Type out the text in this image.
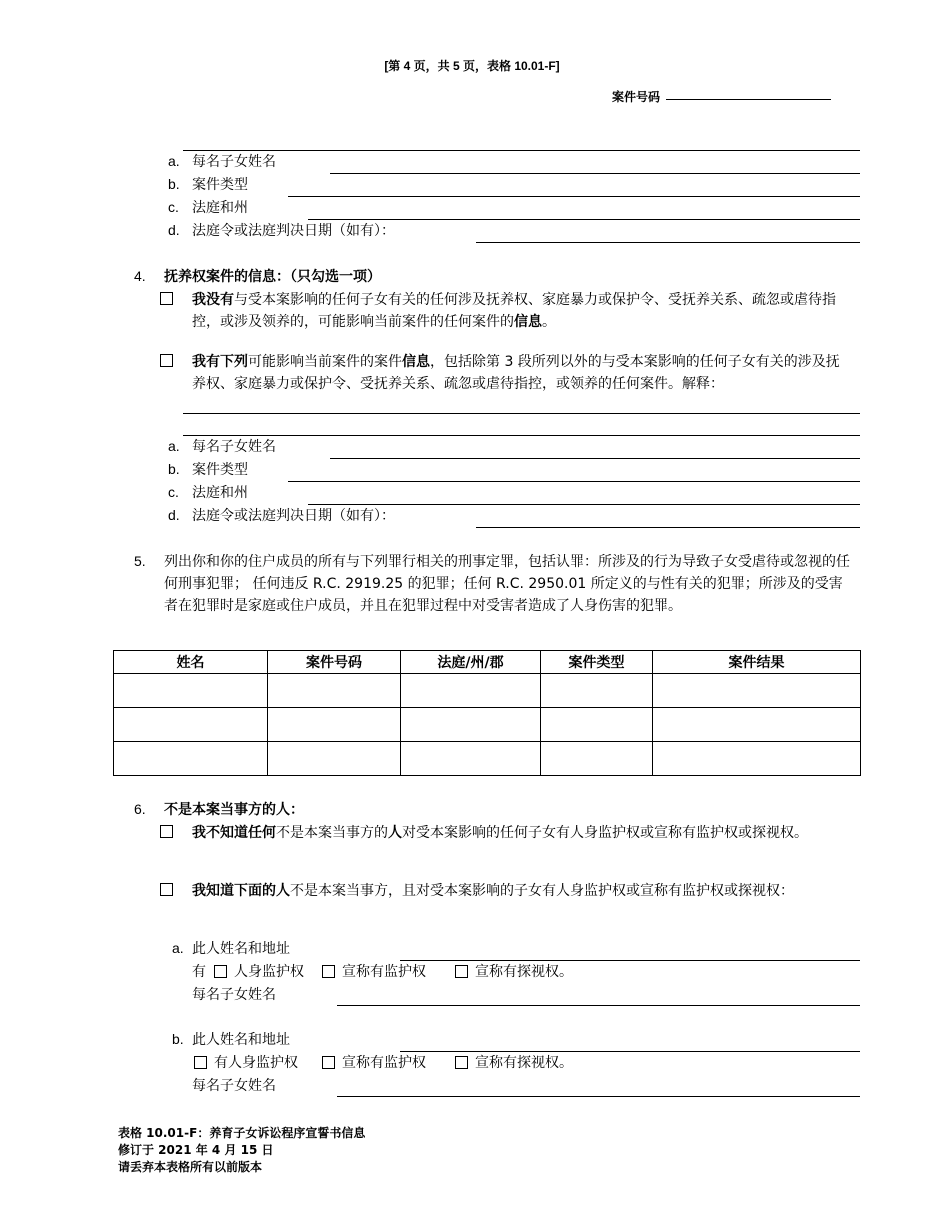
[第 4 页，共 5 页，表格 10.01-F]
案件号码
a. 每名子女姓名
b. 案件类型
c. 法庭和州
d. 法庭令或法庭判决日期（如有）：
4. 抚养权案件的信息：（只勾选一项）
我没有与受本案影响的任何子女有关的任何涉及抚养权、家庭暴力或保护令、受抚养关系、疏忽或虐待指控，或涉及领养的，可能影响当前案件的任何案件的信息。
我有下列可能影响当前案件的案件信息，包括除第 3 段所列以外的与受本案影响的任何子女有关的涉及抚养权、家庭暴力或保护令、受抚养关系、疏忽或虐待指控，或领养的任何案件。解释：
a. 每名子女姓名
b. 案件类型
c. 法庭和州
d. 法庭令或法庭判决日期（如有）：
5. 列出你和你的住户成员的所有与下列罪行相关的刑事定罪，包括认罪：所涉及的行为导致子女受虐待或忽视的任何刑事犯罪； 任何违反 R.C. 2919.25 的犯罪；任何 R.C. 2950.01 所定义的与性有关的犯罪；所涉及的受害者在犯罪时是家庭或住户成员，并且在犯罪过程中对受害者造成了人身伤害的犯罪。
姓名	案件号码	法庭/州/郡	案件类型	案件结果

6. 不是本案当事方的人：
我不知道任何不是本案当事方的人对受本案影响的任何子女有人身监护权或宣称有监护权或探视权。
我知道下面的人不是本案当事方，且对受本案影响的子女有人身监护权或宣称有监护权或探视权：
a. 此人姓名和地址
有 人身监护权	宣称有监护权	宣称有探视权。
每名子女姓名
b. 此人姓名和地址
有人身监护权	宣称有监护权	宣称有探视权。
每名子女姓名
表格 10.01-F：养育子女诉讼程序宣誓书信息
修订于 2021 年 4 月 15 日
请丢弃本表格所有以前版本
